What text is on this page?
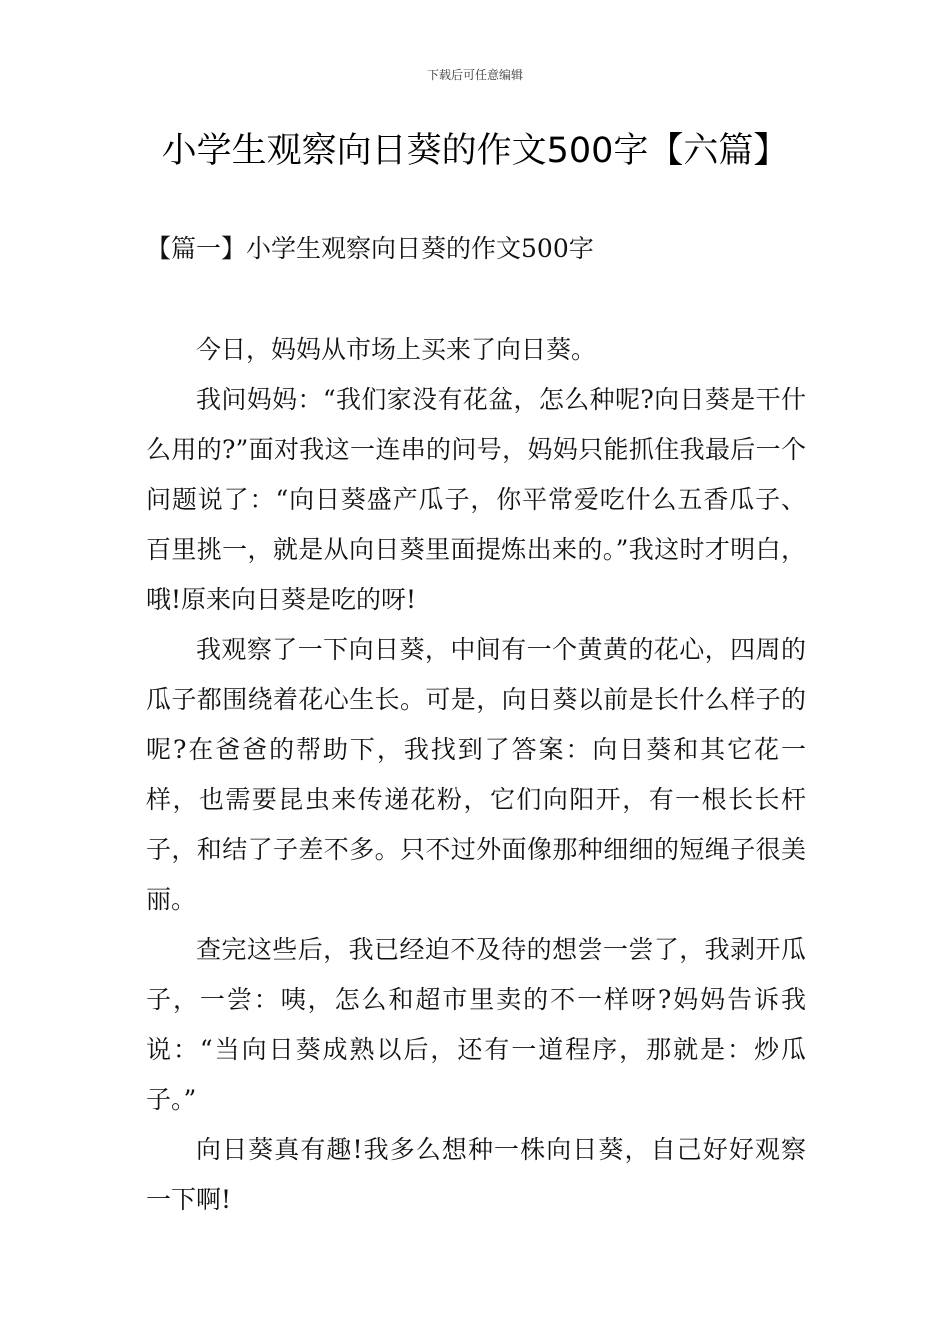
下载后可任意编辑
小学生观察向日葵的作文500字【六篇】
【篇一】小学生观察向日葵的作文500字

今日，妈妈从市场上买来了向日葵。

我问妈妈：“我们家没有花盆，怎么种呢?向日葵是干什么用的?”面对我这一连串的问号，妈妈只能抓住我最后一个问题说了：“向日葵盛产瓜子，你平常爱吃什么五香瓜子、百里挑一，就是从向日葵里面提炼出来的。”我这时才明白，哦!原来向日葵是吃的呀!

我观察了一下向日葵，中间有一个黄黄的花心，四周的瓜子都围绕着花心生长。可是，向日葵以前是长什么样子的呢?在爸爸的帮助下，我找到了答案：向日葵和其它花一样，也需要昆虫来传递花粉，它们向阳开，有一根长长杆子，和结了子差不多。只不过外面像那种细细的短绳子很美丽。

查完这些后，我已经迫不及待的想尝一尝了，我剥开瓜子，一尝：咦，怎么和超市里卖的不一样呀?妈妈告诉我说：“当向日葵成熟以后，还有一道程序，那就是：炒瓜子。”

向日葵真有趣!我多么想种一株向日葵，自己好好观察一下啊!
